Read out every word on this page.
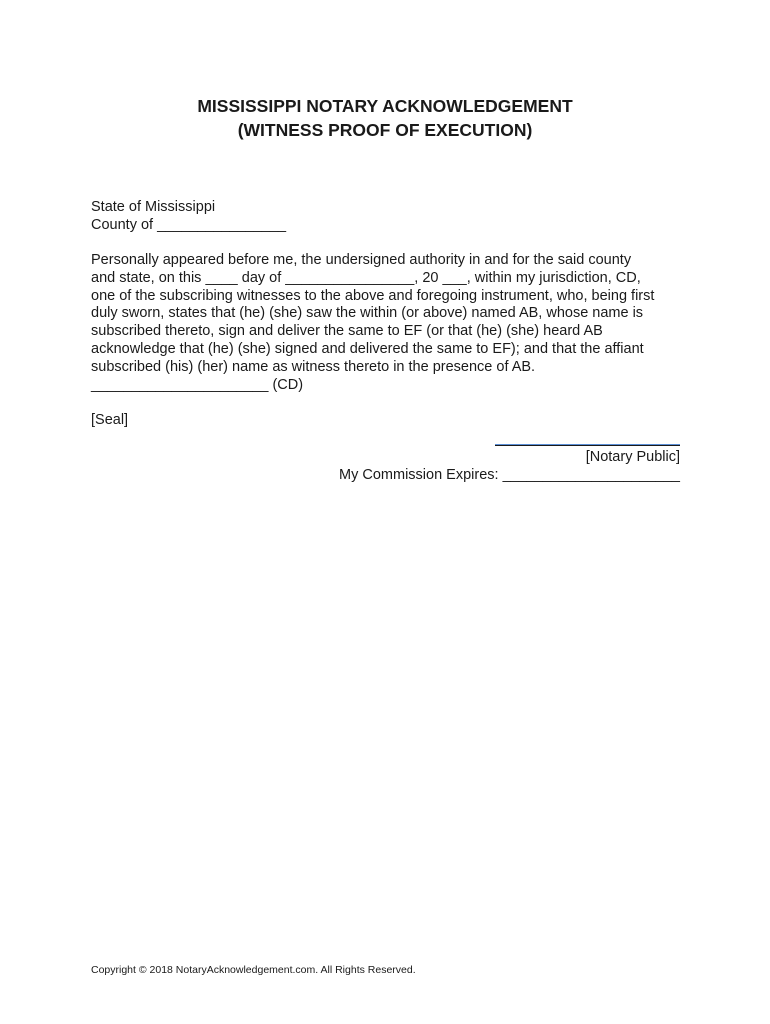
MISSISSIPPI NOTARY ACKNOWLEDGEMENT
(WITNESS PROOF OF EXECUTION)
State of Mississippi
County of ________________
Personally appeared before me, the undersigned authority in and for the said county
and state, on this ____ day of ________________, 20 ___, within my jurisdiction, CD,
one of the subscribing witnesses to the above and foregoing instrument, who, being first
duly sworn, states that (he) (she) saw the within (or above) named AB, whose name is
subscribed thereto, sign and deliver the same to EF (or that (he) (she) heard AB
acknowledge that (he) (she) signed and delivered the same to EF); and that the affiant
subscribed (his) (her) name as witness thereto in the presence of AB.
______________________ (CD)
[Seal]
[Notary Public]
My Commission Expires: ______________________
Copyright © 2018 NotaryAcknowledgement.com. All Rights Reserved.
